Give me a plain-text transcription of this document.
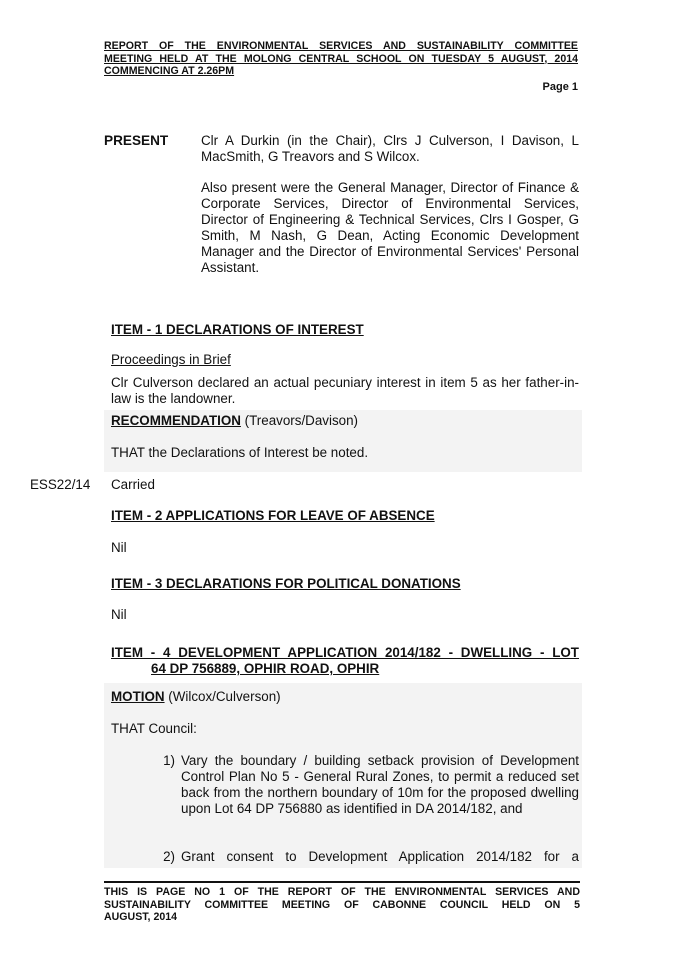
REPORT OF THE ENVIRONMENTAL SERVICES AND SUSTAINABILITY COMMITTEE
MEETING HELD AT THE MOLONG CENTRAL SCHOOL ON TUESDAY 5 AUGUST, 2014
COMMENCING AT 2.26PM
Page 1
PRESENT Clr A Durkin (in the Chair), Clrs J Culverson, I Davison, L MacSmith, G Treavors and S Wilcox.
Also present were the General Manager, Director of Finance & Corporate Services, Director of Environmental Services, Director of Engineering & Technical Services, Clrs I Gosper, G Smith, M Nash, G Dean, Acting Economic Development Manager and the Director of Environmental Services' Personal Assistant.
ITEM - 1 DECLARATIONS OF INTEREST
Proceedings in Brief
Clr Culverson declared an actual pecuniary interest in item 5 as her father-in-law is the landowner.
RECOMMENDATION (Treavors/Davison)
THAT the Declarations of Interest be noted.
ESS22/14 Carried
ITEM - 2 APPLICATIONS FOR LEAVE OF ABSENCE
Nil
ITEM - 3 DECLARATIONS FOR POLITICAL DONATIONS
Nil
ITEM - 4 DEVELOPMENT APPLICATION 2014/182 - DWELLING - LOT
64 DP 756889, OPHIR ROAD, OPHIR
MOTION (Wilcox/Culverson)
THAT Council:
1) Vary the boundary / building setback provision of Development Control Plan No 5 - General Rural Zones, to permit a reduced set back from the northern boundary of 10m for the proposed dwelling upon Lot 64 DP 756880 as identified in DA 2014/182, and
2) Grant consent to Development Application 2014/182 for a
THIS IS PAGE NO 1 OF THE REPORT OF THE ENVIRONMENTAL SERVICES AND
SUSTAINABILITY COMMITTEE MEETING OF CABONNE COUNCIL HELD ON 5
AUGUST, 2014
